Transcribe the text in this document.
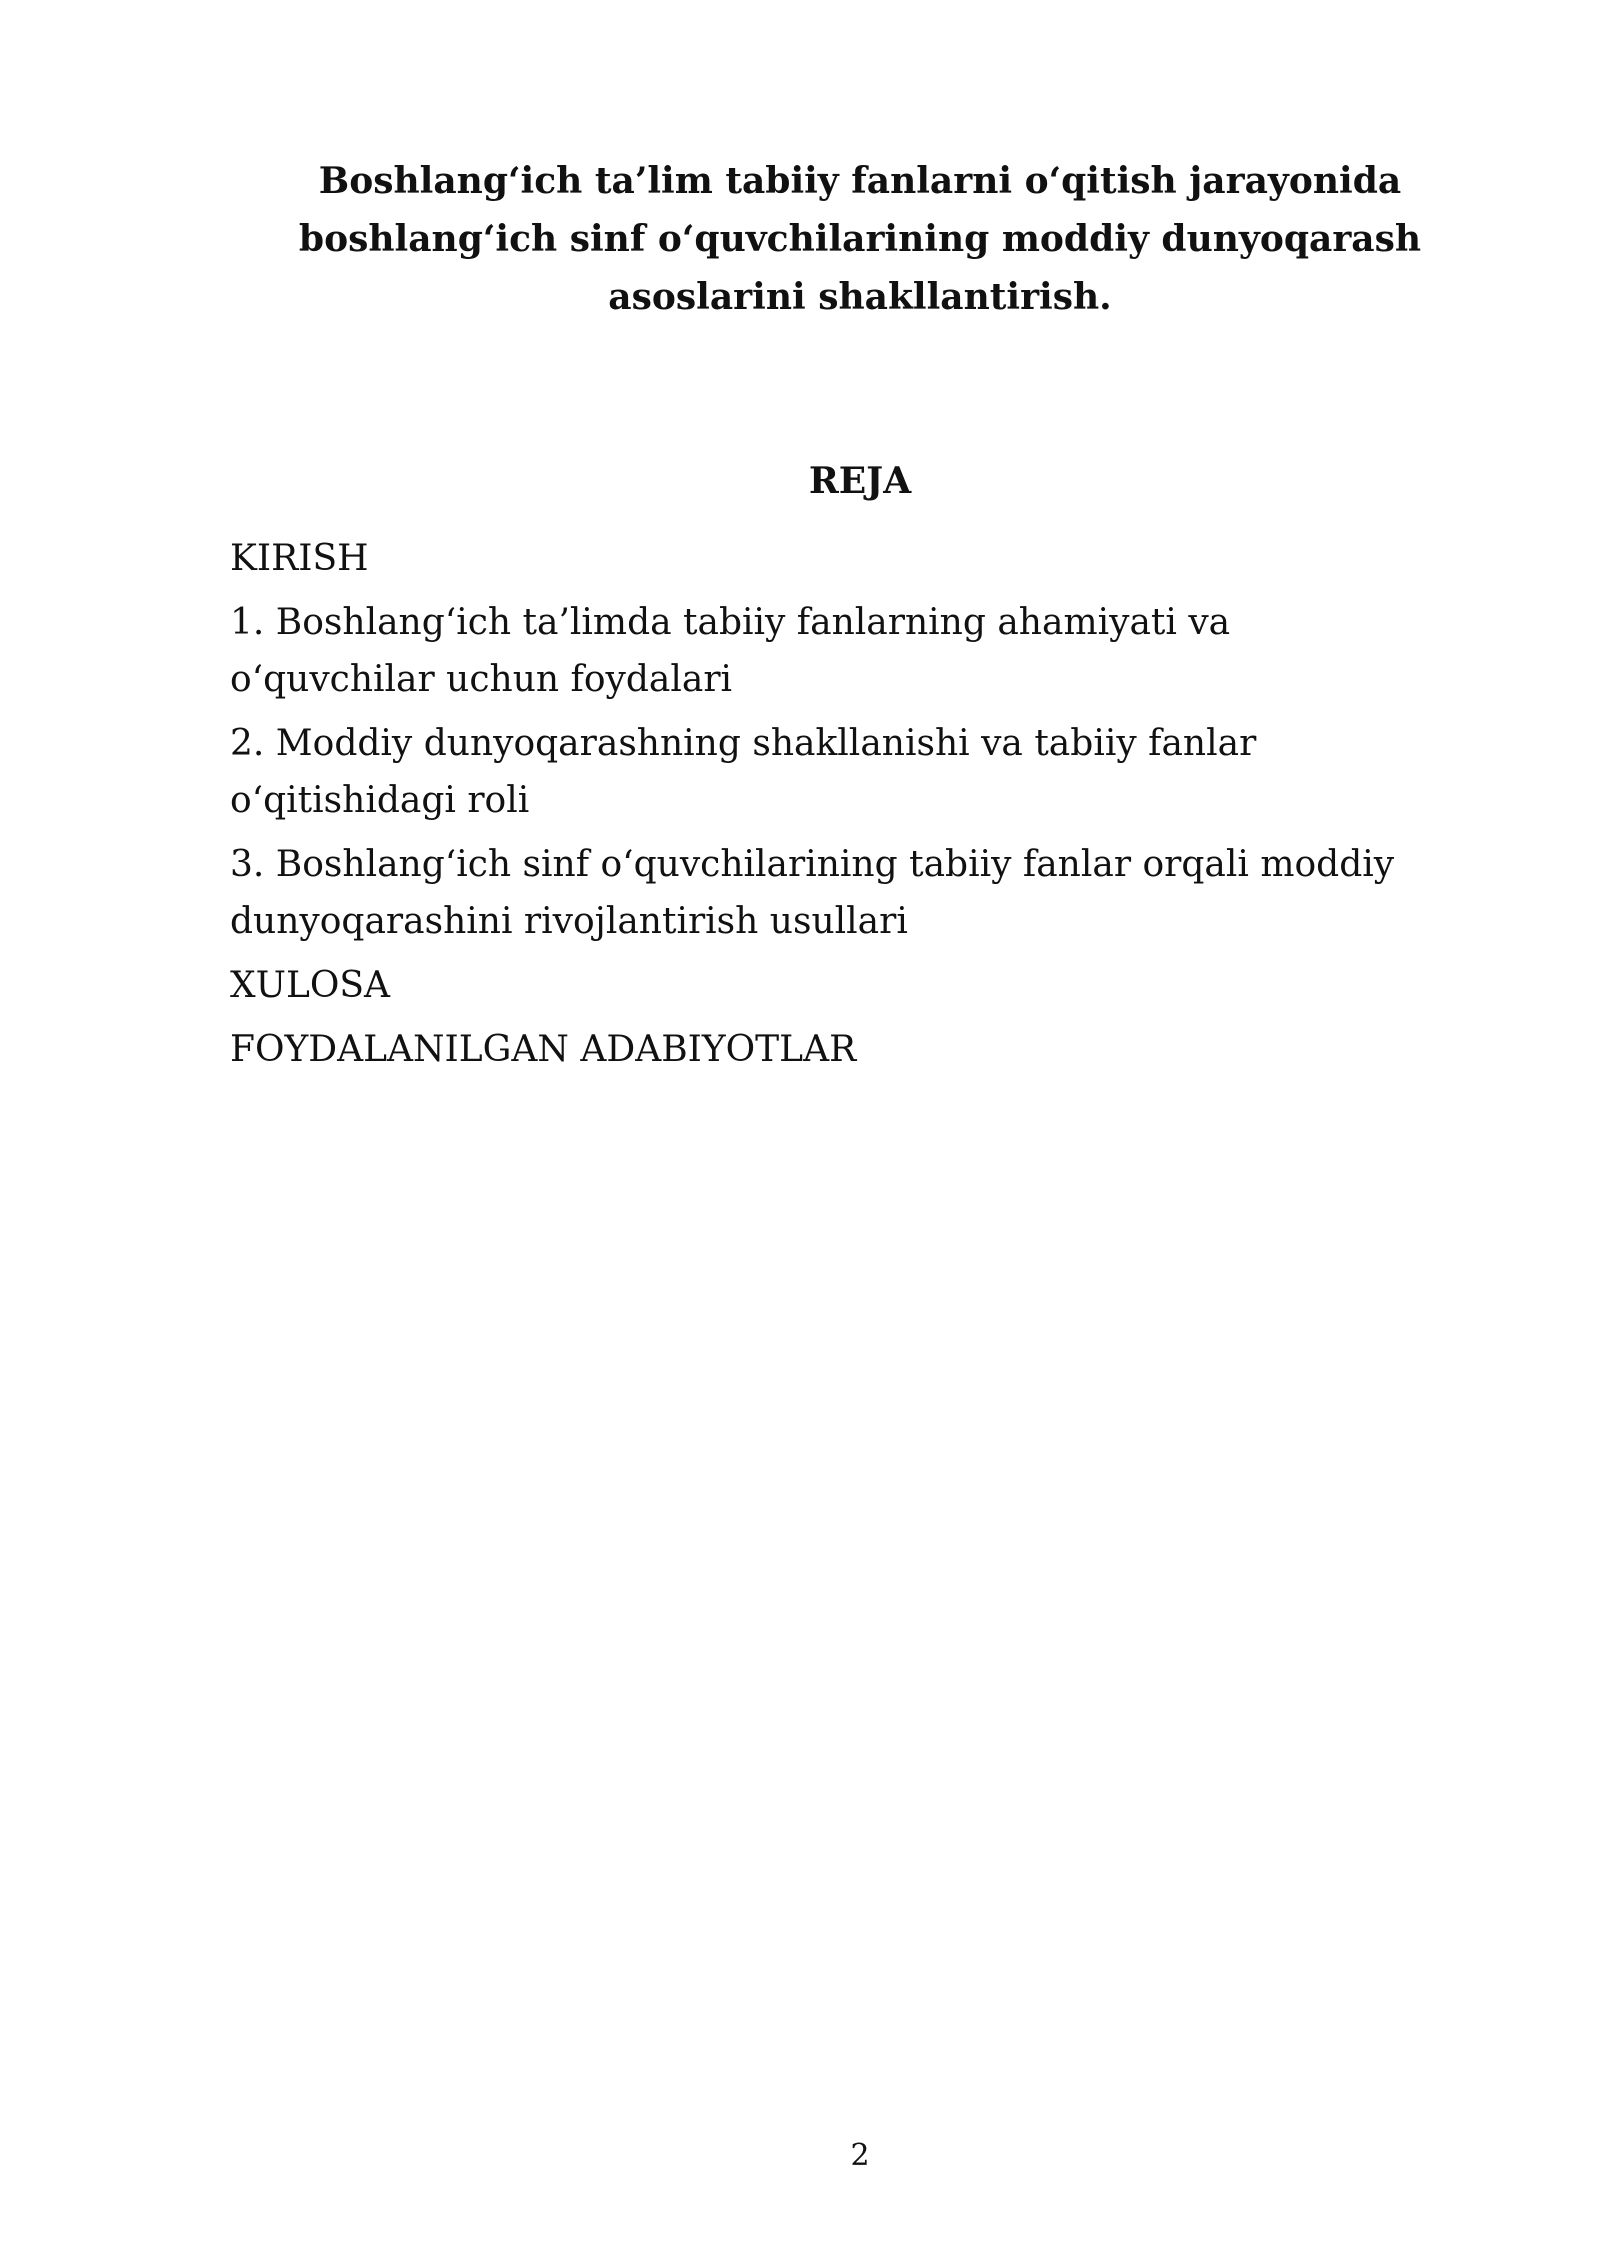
Boshlang‘ich ta’lim tabiiy fanlarni o‘qitish jarayonida
boshlang‘ich sinf o‘quvchilarining moddiy dunyoqarash
asoslarini shakllantirish.
REJA
KIRISH
1. Boshlang‘ich ta’limda tabiiy fanlarning ahamiyati va
o‘quvchilar uchun foydalari
2. Moddiy dunyoqarashning shakllanishi va tabiiy fanlar
o‘qitishidagi roli
3. Boshlang‘ich sinf o‘quvchilarining tabiiy fanlar orqali moddiy
dunyoqarashini rivojlantirish usullari
XULOSA
FOYDALANILGAN ADABIYOTLAR
2
